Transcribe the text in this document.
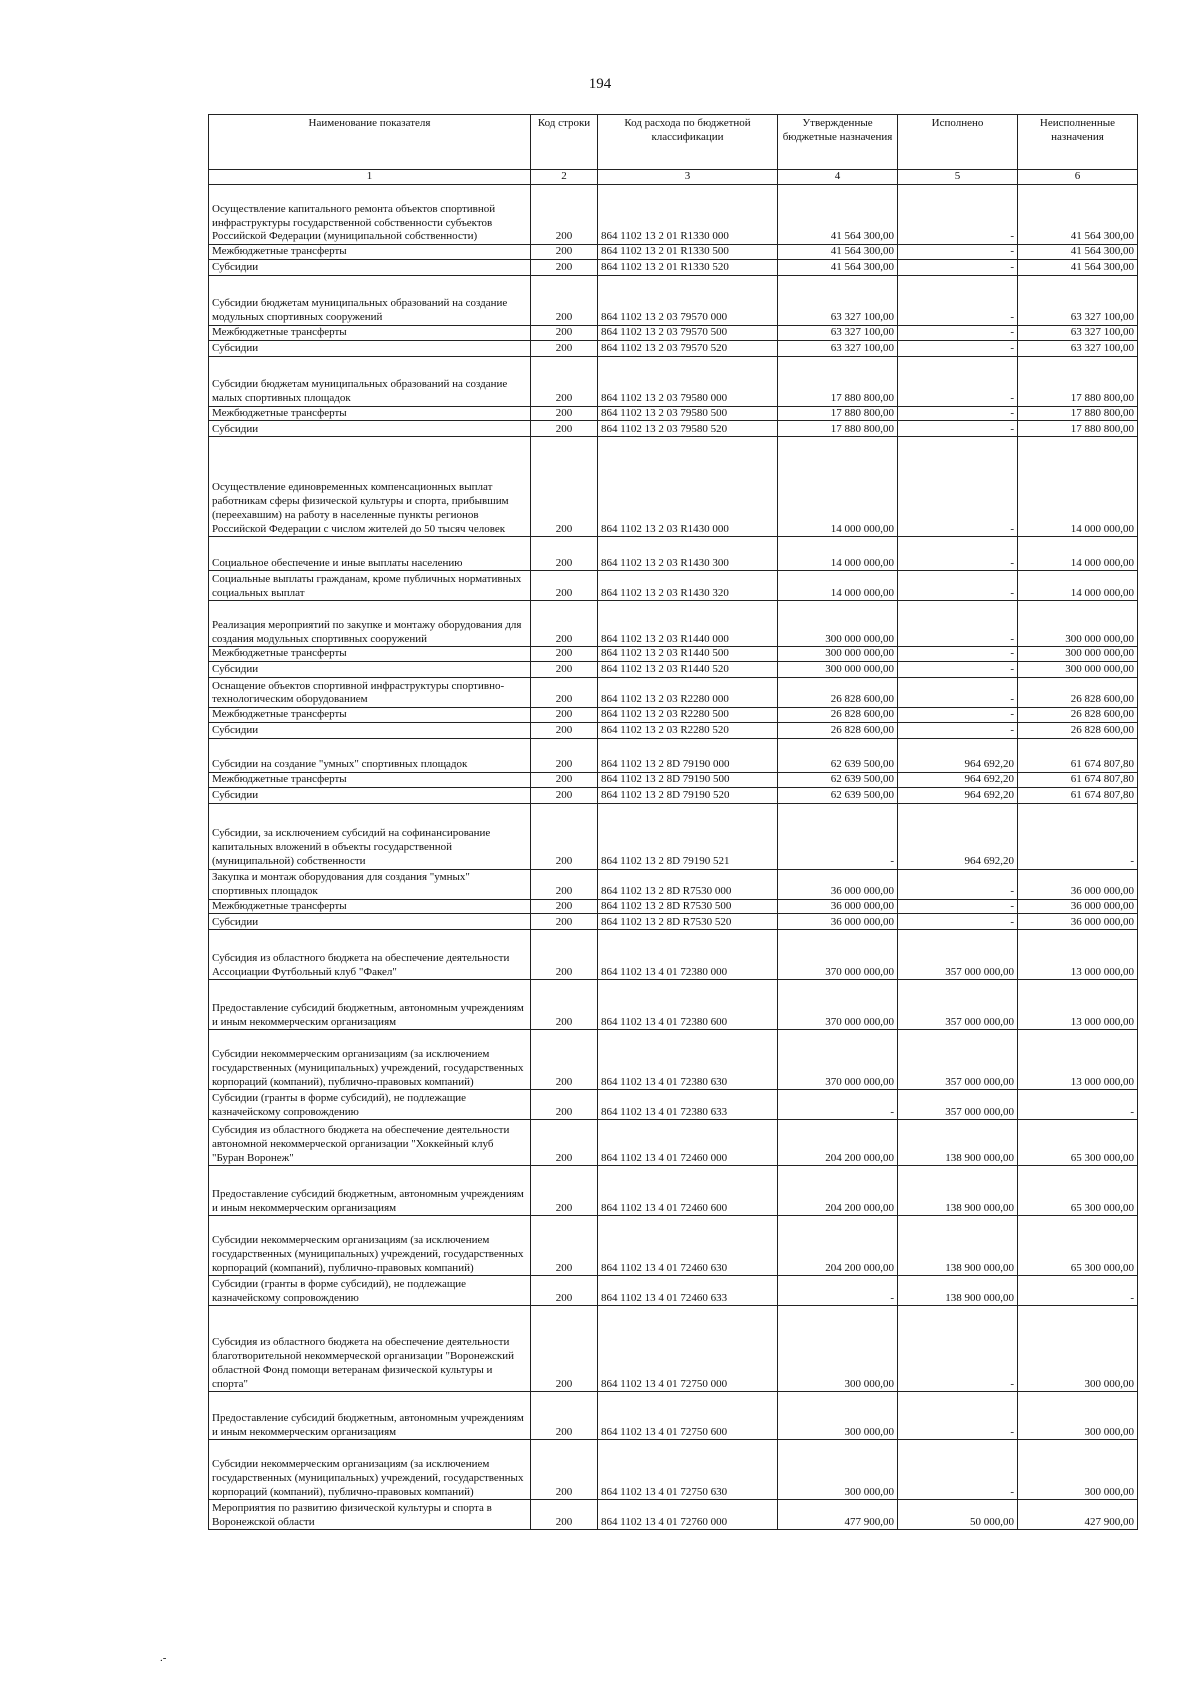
194
Наименование показателя	Код строки	Код расхода по бюджетной классификации	Утвержденные бюджетные назначения	Исполнено	Неисполненные назначения
1	2	3	4	5	6
Осуществление капитального ремонта объектов спортивной инфраструктуры государственной собственности субъектов Российской Федерации (муниципальной собственности)	200	864 1102 13 2 01 R1330 000	41 564 300,00	-	41 564 300,00
Межбюджетные трансферты	200	864 1102 13 2 01 R1330 500	41 564 300,00	-	41 564 300,00
Субсидии	200	864 1102 13 2 01 R1330 520	41 564 300,00	-	41 564 300,00
Субсидии бюджетам муниципальных образований на создание модульных спортивных сооружений	200	864 1102 13 2 03 79570 000	63 327 100,00	-	63 327 100,00
Межбюджетные трансферты	200	864 1102 13 2 03 79570 500	63 327 100,00	-	63 327 100,00
Субсидии	200	864 1102 13 2 03 79570 520	63 327 100,00	-	63 327 100,00
Субсидии бюджетам муниципальных образований на создание малых спортивных площадок	200	864 1102 13 2 03 79580 000	17 880 800,00	-	17 880 800,00
Межбюджетные трансферты	200	864 1102 13 2 03 79580 500	17 880 800,00	-	17 880 800,00
Субсидии	200	864 1102 13 2 03 79580 520	17 880 800,00	-	17 880 800,00
Осуществление единовременных компенсационных выплат работникам сферы физической культуры и спорта, прибывшим (переехавшим) на работу в населенные пункты регионов Российской Федерации с числом жителей до 50 тысяч человек	200	864 1102 13 2 03 R1430 000	14 000 000,00	-	14 000 000,00
Социальное обеспечение и иные выплаты населению	200	864 1102 13 2 03 R1430 300	14 000 000,00	-	14 000 000,00
Социальные выплаты гражданам, кроме публичных нормативных социальных выплат	200	864 1102 13 2 03 R1430 320	14 000 000,00	-	14 000 000,00
Реализация мероприятий по закупке и монтажу оборудования для создания модульных спортивных сооружений	200	864 1102 13 2 03 R1440 000	300 000 000,00	-	300 000 000,00
Межбюджетные трансферты	200	864 1102 13 2 03 R1440 500	300 000 000,00	-	300 000 000,00
Субсидии	200	864 1102 13 2 03 R1440 520	300 000 000,00	-	300 000 000,00
Оснащение объектов спортивной инфраструктуры спортивно-технологическим оборудованием	200	864 1102 13 2 03 R2280 000	26 828 600,00	-	26 828 600,00
Межбюджетные трансферты	200	864 1102 13 2 03 R2280 500	26 828 600,00	-	26 828 600,00
Субсидии	200	864 1102 13 2 03 R2280 520	26 828 600,00	-	26 828 600,00
Субсидии на создание "умных" спортивных площадок	200	864 1102 13 2 8D 79190 000	62 639 500,00	964 692,20	61 674 807,80
Межбюджетные трансферты	200	864 1102 13 2 8D 79190 500	62 639 500,00	964 692,20	61 674 807,80
Субсидии	200	864 1102 13 2 8D 79190 520	62 639 500,00	964 692,20	61 674 807,80
Субсидии, за исключением субсидий на софинансирование капитальных вложений в объекты государственной (муниципальной) собственности	200	864 1102 13 2 8D 79190 521	-	964 692,20	-
Закупка и монтаж оборудования для создания "умных" спортивных площадок	200	864 1102 13 2 8D R7530 000	36 000 000,00	-	36 000 000,00
Межбюджетные трансферты	200	864 1102 13 2 8D R7530 500	36 000 000,00	-	36 000 000,00
Субсидии	200	864 1102 13 2 8D R7530 520	36 000 000,00	-	36 000 000,00
Субсидия из областного бюджета на обеспечение деятельности Ассоциации Футбольный клуб "Факел"	200	864 1102 13 4 01 72380 000	370 000 000,00	357 000 000,00	13 000 000,00
Предоставление субсидий бюджетным, автономным учреждениям и иным некоммерческим организациям	200	864 1102 13 4 01 72380 600	370 000 000,00	357 000 000,00	13 000 000,00
Субсидии некоммерческим организациям (за исключением государственных (муниципальных) учреждений, государственных корпораций (компаний), публично-правовых компаний)	200	864 1102 13 4 01 72380 630	370 000 000,00	357 000 000,00	13 000 000,00
Субсидии (гранты в форме субсидий), не подлежащие казначейскому сопровождению	200	864 1102 13 4 01 72380 633	-	357 000 000,00	-
Субсидия из областного бюджета на обеспечение деятельности автономной некоммерческой организации "Хоккейный клуб "Буран Воронеж"	200	864 1102 13 4 01 72460 000	204 200 000,00	138 900 000,00	65 300 000,00
Предоставление субсидий бюджетным, автономным учреждениям и иным некоммерческим организациям	200	864 1102 13 4 01 72460 600	204 200 000,00	138 900 000,00	65 300 000,00
Субсидии некоммерческим организациям (за исключением государственных (муниципальных) учреждений, государственных корпораций (компаний), публично-правовых компаний)	200	864 1102 13 4 01 72460 630	204 200 000,00	138 900 000,00	65 300 000,00
Субсидии (гранты в форме субсидий), не подлежащие казначейскому сопровождению	200	864 1102 13 4 01 72460 633	-	138 900 000,00	-
Субсидия из областного бюджета на обеспечение деятельности благотворительной некоммерческой организации "Воронежский областной Фонд помощи ветеранам физической культуры и спорта"	200	864 1102 13 4 01 72750 000	300 000,00	-	300 000,00
Предоставление субсидий бюджетным, автономным учреждениям и иным некоммерческим организациям	200	864 1102 13 4 01 72750 600	300 000,00	-	300 000,00
Субсидии некоммерческим организациям (за исключением государственных (муниципальных) учреждений, государственных корпораций (компаний), публично-правовых компаний)	200	864 1102 13 4 01 72750 630	300 000,00	-	300 000,00
Мероприятия по развитию физической культуры и спорта в Воронежской области	200	864 1102 13 4 01 72760 000	477 900,00	50 000,00	427 900,00
.-
